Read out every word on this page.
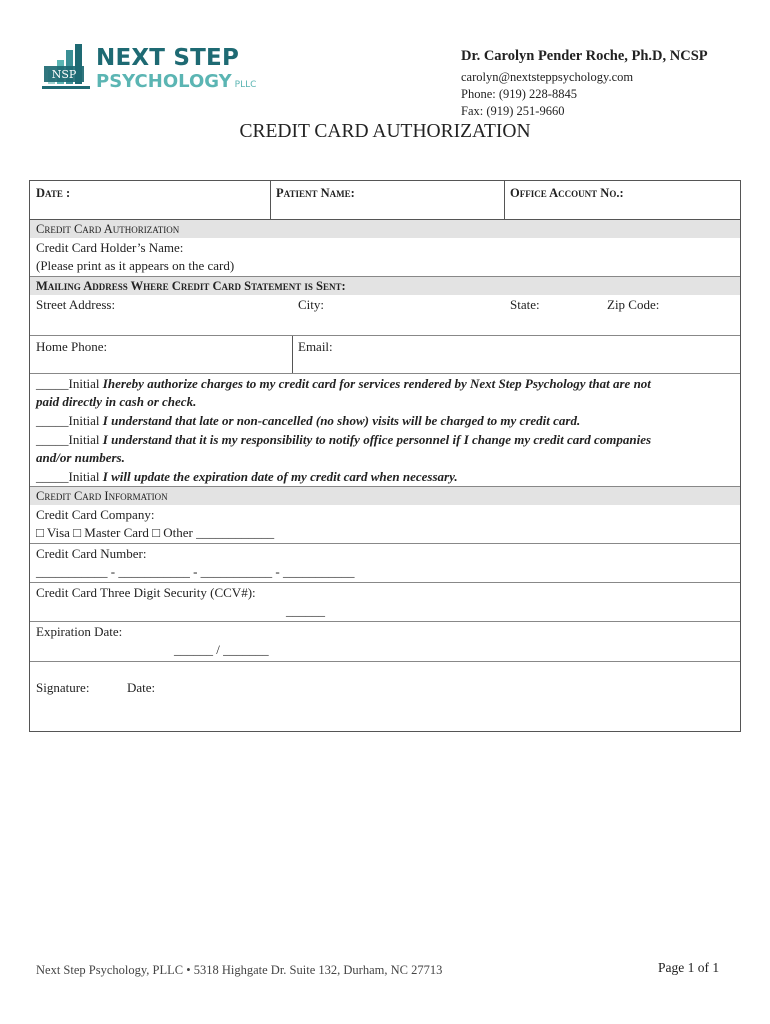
NSP
NEXT STEP
PSYCHOLOGY PLLC
Dr. Carolyn Pender Roche, Ph.D, NCSP
carolyn@nextsteppsychology.com
Phone: (919) 228-8845
Fax: (919) 251-9660
CREDIT CARD AUTHORIZATION
Date :	Patient Name:	Office Account No.:
Credit Card Authorization
Credit Card Holder’s Name:
(Please print as it appears on the card)
Mailing Address Where Credit Card Statement is Sent:
Street Address:	City:	State:	Zip Code:
Home Phone:	Email:
_____Initial Ihereby authorize charges to my credit card for services rendered by Next Step Psychology that are not
paid directly in cash or check.
_____Initial I understand that late or non-cancelled (no show) visits will be charged to my credit card.
_____Initial I understand that it is my responsibility to notify office personnel if I change my credit card companies
and/or numbers.
_____Initial I will update the expiration date of my credit card when necessary.
Credit Card Information
Credit Card Company:
□ Visa □ Master Card □ Other ____________
Credit Card Number:
___________ - ___________ - ___________ - ___________
Credit Card Three Digit Security (CCV#):
______
Expiration Date:
______ / _______
Signature:	Date:
Next Step Psychology, PLLC • 5318 Highgate Dr. Suite 132, Durham, NC 27713	Page 1 of 1
